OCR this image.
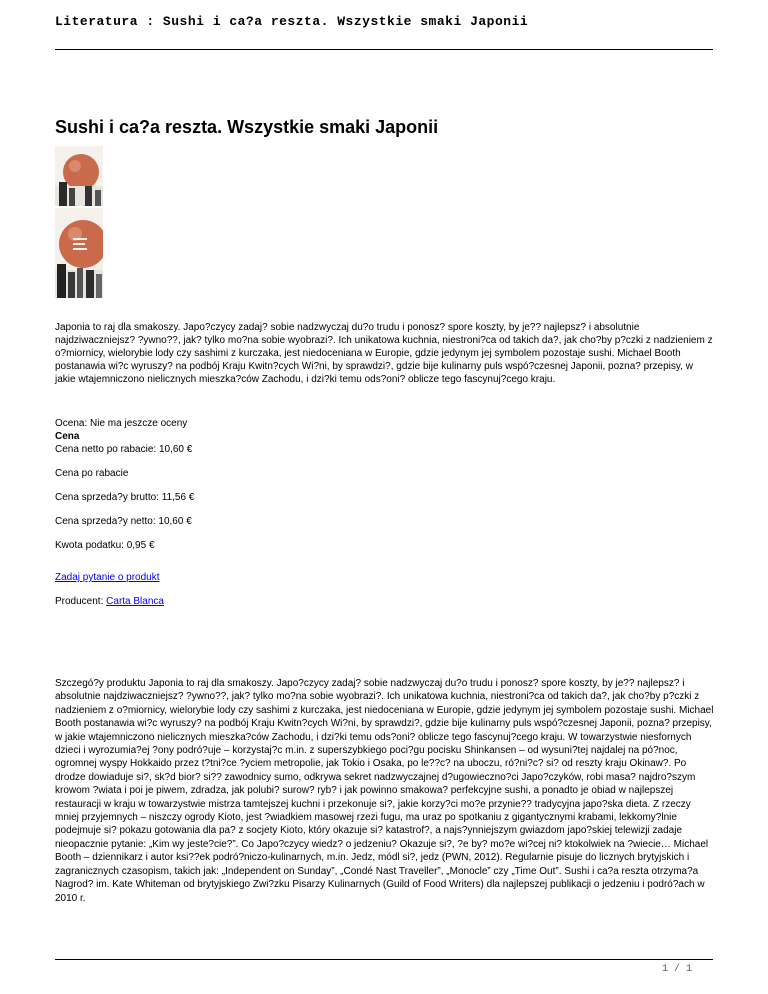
Literatura : Sushi i ca?a reszta. Wszystkie smaki Japonii
Sushi i ca?a reszta. Wszystkie smaki Japonii

Japonia to raj dla smakoszy. Japo?czycy zadaj? sobie nadzwyczaj du?o trudu i ponosz? spore koszty, by je?? najlepsz? i absolutnie najdziwaczniejsz? ?ywno??, jak? tylko mo?na sobie wyobrazi?. Ich unikatowa kuchnia, niestroni?ca od takich da?, jak cho?by p?czki z nadzieniem z o?miornicy, wielorybie lody czy sashimi z kurczaka, jest niedoceniana w Europie, gdzie jedynym jej symbolem pozostaje sushi. Michael Booth postanawia wi?c wyruszy? na podbój Kraju Kwitn?cych Wi?ni, by sprawdzi?, gdzie bije kulinarny puls wspó?czesnej Japonii, pozna? przepisy, w jakie wtajemniczono nielicznych mieszka?ców Zachodu, i dzi?ki temu ods?oni? oblicze tego fascynuj?cego kraju.

Ocena: Nie ma jeszcze oceny
Cena
Cena netto po rabacie: 10,60 €
Cena po rabacie
Cena sprzeda?y brutto: 11,56 €
Cena sprzeda?y netto: 10,60 €
Kwota podatku: 0,95 €
Zadaj pytanie o produkt
Producent: Carta Blanca

Szczegó?y produktu Japonia to raj dla smakoszy. Japo?czycy zadaj? sobie nadzwyczaj du?o trudu i ponosz? spore koszty, by je?? najlepsz? i absolutnie najdziwaczniejsz? ?ywno??, jak? tylko mo?na sobie wyobrazi?. Ich unikatowa kuchnia, niestroni?ca od takich da?, jak cho?by p?czki z nadzieniem z o?miornicy, wielorybie lody czy sashimi z kurczaka, jest niedoceniana w Europie, gdzie jedynym jej symbolem pozostaje sushi. Michael Booth postanawia wi?c wyruszy? na podbój Kraju Kwitn?cych Wi?ni, by sprawdzi?, gdzie bije kulinarny puls wspó?czesnej Japonii, pozna? przepisy, w jakie wtajemniczono nielicznych mieszka?ców Zachodu, i dzi?ki temu ods?oni? oblicze tego fascynuj?cego kraju. W towarzystwie niesfornych dzieci i wyrozumia?ej ?ony podró?uje – korzystaj?c m.in. z superszybkiego poci?gu pocisku Shinkansen – od wysuni?tej najdalej na pó?noc, ogromnej wyspy Hokkaido przez t?tni?ce ?yciem metropolie, jak Tokio i Osaka, po le??c? na uboczu, ró?ni?c? si? od reszty kraju Okinaw?. Po drodze dowiaduje si?, sk?d bior? si?? zawodnicy sumo, odkrywa sekret nadzwyczajnej d?ugowieczno?ci Japo?czyków, robi masa? najdro?szym krowom ?wiata i poi je piwem, zdradza, jak polubi? surow? ryb? i jak powinno smakowa? perfekcyjne sushi, a ponadto je obiad w najlepszej restauracji w kraju w towarzystwie mistrza tamtejszej kuchni i przekonuje si?, jakie korzy?ci mo?e przynie?? tradycyjna japo?ska dieta. Z rzeczy mniej przyjemnych – niszczy ogrody Kioto, jest ?wiadkiem masowej rzezi fugu, ma uraz po spotkaniu z gigantycznymi krabami, lekkomy?lnie podejmuje si? pokazu gotowania dla pa? z socjety Kioto, który okazuje si? katastrof?, a najs?ynniejszym gwiazdom japo?skiej telewizji zadaje nieopacznie pytanie: „Kim wy jeste?cie?”. Co Japo?czycy wiedz? o jedzeniu? Okazuje si?, ?e by? mo?e wi?cej ni? ktokolwiek na ?wiecie… Michael Booth – dziennikarz i autor ksi??ek podró?niczo-kulinarnych, m.in. Jedz, módl si?, jedz (PWN, 2012). Regularnie pisuje do licznych brytyjskich i zagranicznych czasopism, takich jak: „Independent on Sunday”, „Condé Nast Traveller”, „Monocle” czy „Time Out”. Sushi i ca?a reszta otrzyma?a Nagrod? im. Kate Whiteman od brytyjskiego Zwi?zku Pisarzy Kulinarnych (Guild of Food Writers) dla najlepszej publikacji o jedzeniu i podró?ach w 2010 r.

1 / 1
